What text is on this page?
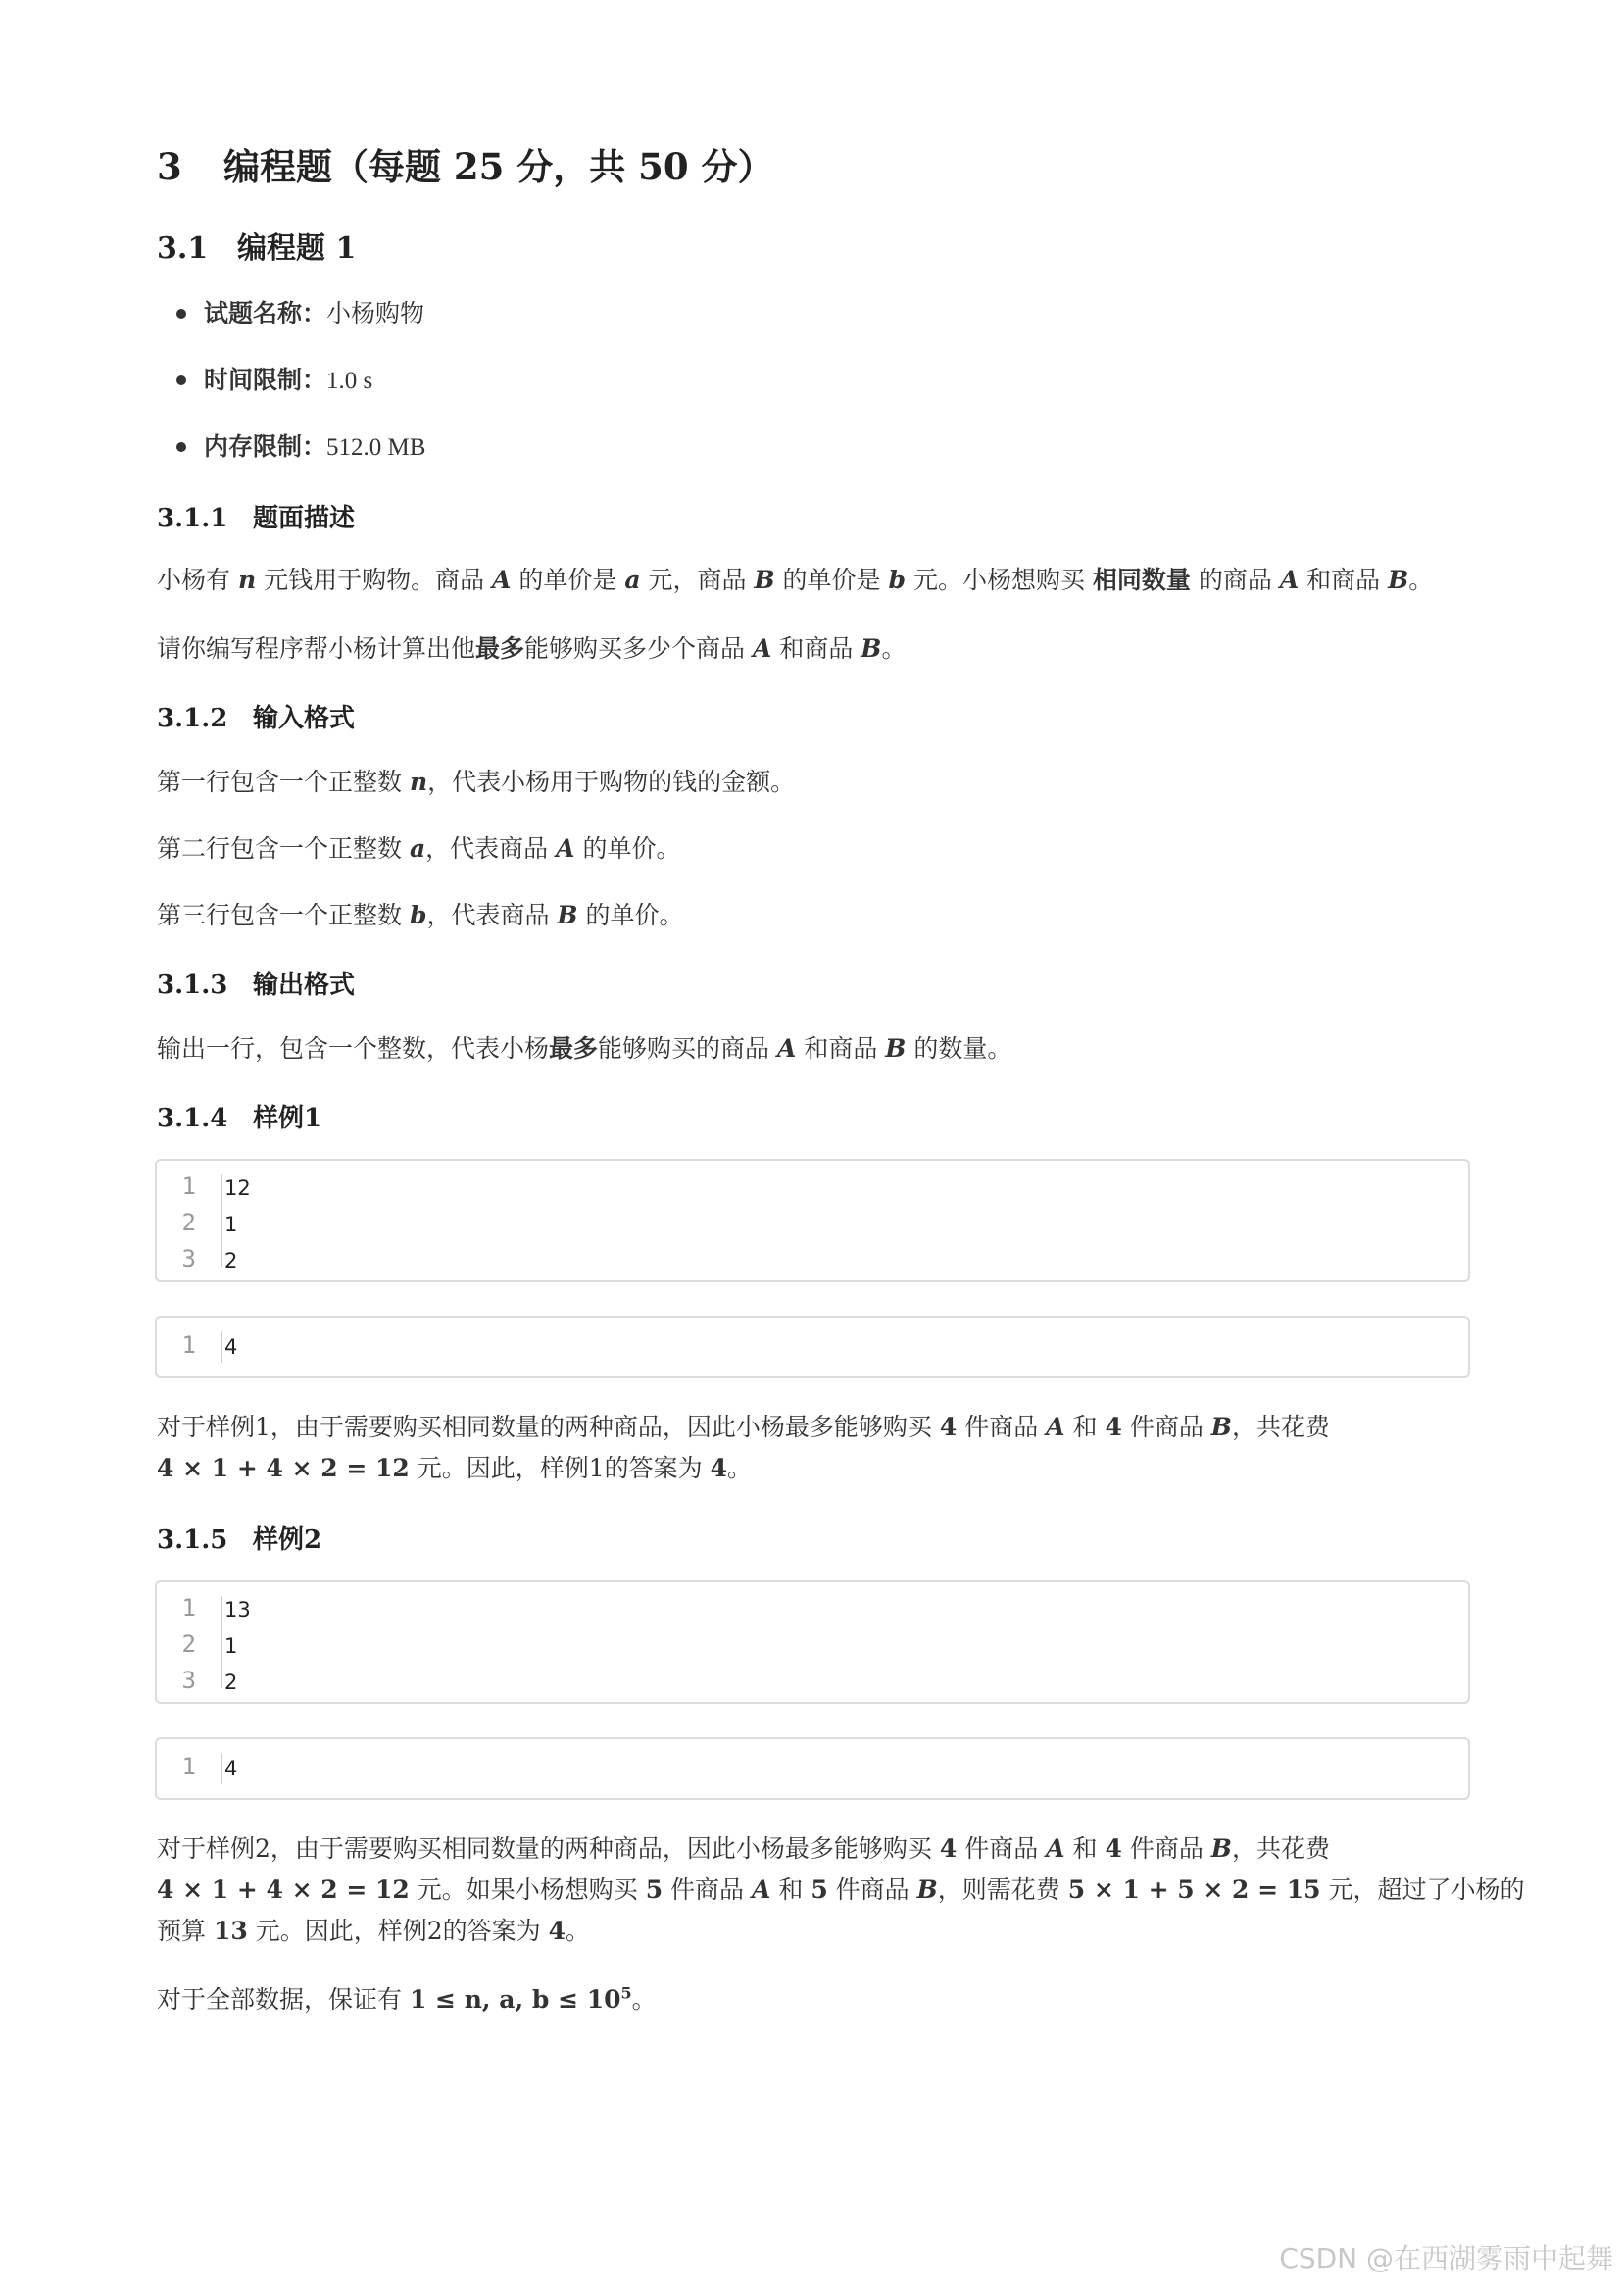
3 编程题（每题 25 分，共 50 分）
3.1 编程题 1
试题名称：小杨购物
时间限制：1.0 s
内存限制：512.0 MB
3.1.1 题面描述
小杨有 n 元钱用于购物。商品 A 的单价是 a 元，商品 B 的单价是 b 元。小杨想购买 相同数量 的商品 A 和商品 B。
请你编写程序帮小杨计算出他最多能够购买多少个商品 A 和商品 B。
3.1.2 输入格式
第一行包含一个正整数 n，代表小杨用于购物的钱的金额。
第二行包含一个正整数 a，代表商品 A 的单价。
第三行包含一个正整数 b，代表商品 B 的单价。
3.1.3 输出格式
输出一行，包含一个整数，代表小杨最多能够购买的商品 A 和商品 B 的数量。
3.1.4 样例1
1 12
2 1
3 2
1 4
对于样例1，由于需要购买相同数量的两种商品，因此小杨最多能够购买 4 件商品 A 和 4 件商品 B，共花费
4 × 1 + 4 × 2 = 12 元。因此，样例1的答案为 4。
3.1.5 样例2
1 13
2 1
3 2
1 4
对于样例2，由于需要购买相同数量的两种商品，因此小杨最多能够购买 4 件商品 A 和 4 件商品 B，共花费
4 × 1 + 4 × 2 = 12 元。如果小杨想购买 5 件商品 A 和 5 件商品 B，则需花费 5 × 1 + 5 × 2 = 15 元，超过了小杨的
预算 13 元。因此，样例2的答案为 4。
对于全部数据，保证有 1 ≤ n, a, $b \le 10^5$。
CSDN @在西湖雾雨中起舞
